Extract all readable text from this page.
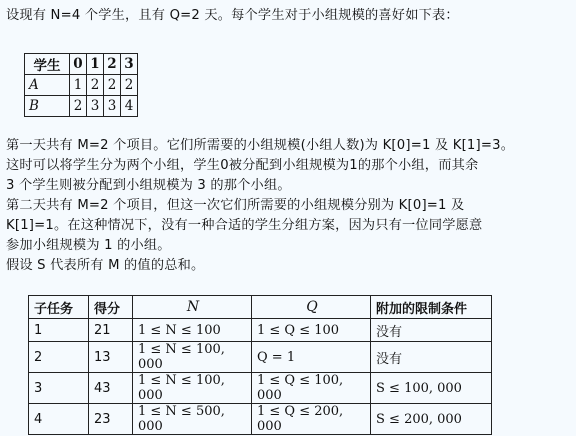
设现有 N=4 个学生，且有 Q=2 天。每个学生对于小组规模的喜好如下表：
学生	0	1	2	3
A	1	2	2	2
B	2	3	3	4
第一天共有 M=2 个项目。它们所需要的小组规模(小组人数)为 K[0]=1 及 K[1]=3。
这时可以将学生分为两个小组，学生0被分配到小组规模为1的那个小组，而其余
3 个学生则被分配到小组规模为 3 的那个小组。
第二天共有 M=2 个项目，但这一次它们所需要的小组规模分别为 K[0]=1 及
K[1]=1。在这种情况下，没有一种合适的学生分组方案，因为只有一位同学愿意
参加小组规模为 1 的小组。
假设 S 代表所有 M 的值的总和。
子任务	得分	N	Q	附加的限制条件
1	21	1 ≤ N ≤ 100	1 ≤ Q ≤ 100	没有
2	13	1 ≤ N ≤ 100, 000	Q = 1	没有
3	43	1 ≤ N ≤ 100, 000	1 ≤ Q ≤ 100, 000	S ≤ 100, 000
4	23	1 ≤ N ≤ 500, 000	1 ≤ Q ≤ 200, 000	S ≤ 200, 000
